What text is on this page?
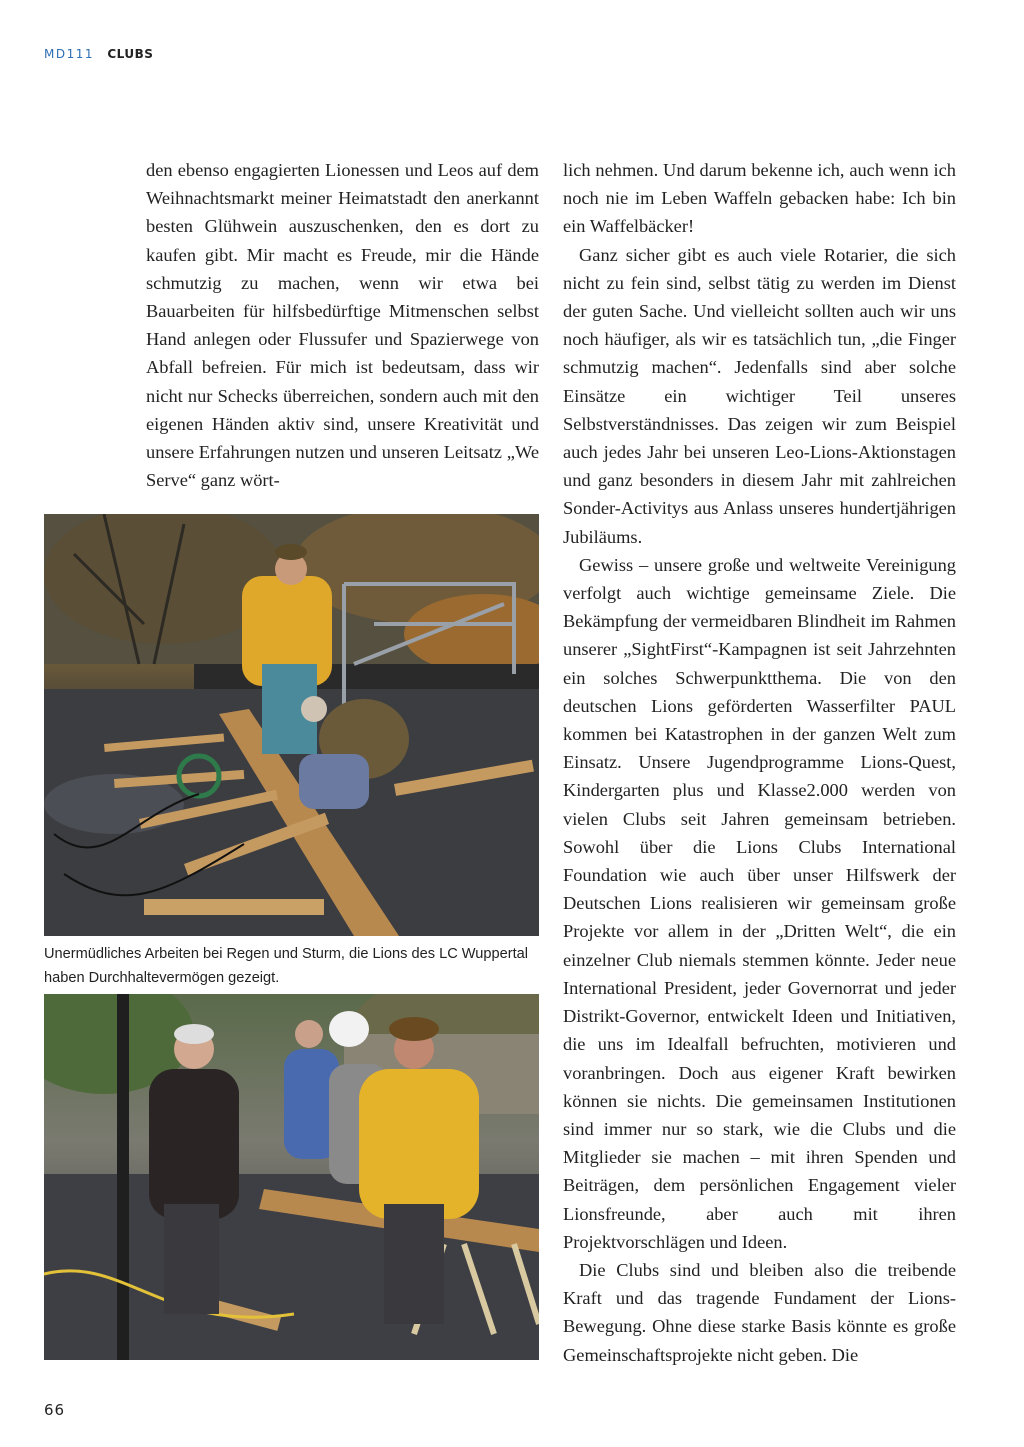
MD111 CLUBS

den ebenso engagierten Lionessen und Leos auf dem Weihnachtsmarkt meiner Heimatstadt den anerkannt besten Glühwein auszuschenken, den es dort zu kaufen gibt. Mir macht es Freude, mir die Hände schmutzig zu machen, wenn wir etwa bei Bauarbeiten für hilfsbedürftige Mitmenschen selbst Hand anlegen oder Flussufer und Spazierwege von Abfall befreien. Für mich ist bedeutsam, dass wir nicht nur Schecks überreichen, sondern auch mit den eigenen Händen aktiv sind, unsere Kreativität und unsere Erfahrungen nutzen und unseren Leitsatz „We Serve“ ganz wört-

lich nehmen. Und darum bekenne ich, auch wenn ich noch nie im Leben Waffeln gebacken habe: Ich bin ein Waffelbäcker!

Ganz sicher gibt es auch viele Rotarier, die sich nicht zu fein sind, selbst tätig zu werden im Dienst der guten Sache. Und vielleicht sollten auch wir uns noch häufiger, als wir es tatsächlich tun, „die Finger schmutzig machen“. Jedenfalls sind aber solche Einsätze ein wichtiger Teil unseres Selbstverständnisses. Das zeigen wir zum Beispiel auch jedes Jahr bei unseren Leo-Lions-Aktionstagen und ganz besonders in diesem Jahr mit zahlreichen Sonder-Activitys aus Anlass unseres hundertjährigen Jubiläums.

Gewiss – unsere große und weltweite Vereinigung verfolgt auch wichtige gemeinsame Ziele. Die Bekämpfung der vermeidbaren Blindheit im Rahmen unserer „SightFirst“-Kampagnen ist seit Jahrzehnten ein solches Schwerpunktthema. Die von den deutschen Lions geförderten Wasserfilter PAUL kommen bei Katastrophen in der ganzen Welt zum Einsatz. Unsere Jugendprogramme Lions-Quest, Kindergarten plus und Klasse2.000 werden von vielen Clubs seit Jahren gemeinsam betrieben. Sowohl über die Lions Clubs International Foundation wie auch über unser Hilfswerk der Deutschen Lions realisieren wir gemeinsam große Projekte vor allem in der „Dritten Welt“, die ein einzelner Club niemals stemmen könnte. Jeder neue International President, jeder Governorrat und jeder Distrikt-Governor, entwickelt Ideen und Initiativen, die uns im Idealfall befruchten, motivieren und voranbringen. Doch aus eigener Kraft bewirken können sie nichts. Die gemeinsamen Institutionen sind immer nur so stark, wie die Clubs und die Mitglieder sie machen – mit ihren Spenden und Beiträgen, dem persönlichen Engagement vieler Lionsfreunde, aber auch mit ihren Projektvorschlägen und Ideen.

Die Clubs sind und bleiben also die treibende Kraft und das tragende Fundament der Lions-Bewegung. Ohne diese starke Basis könnte es große Gemeinschaftsprojekte nicht geben. Die

Unermüdliches Arbeiten bei Regen und Sturm, die Lions des LC Wuppertal haben Durchhaltevermögen gezeigt.
66
